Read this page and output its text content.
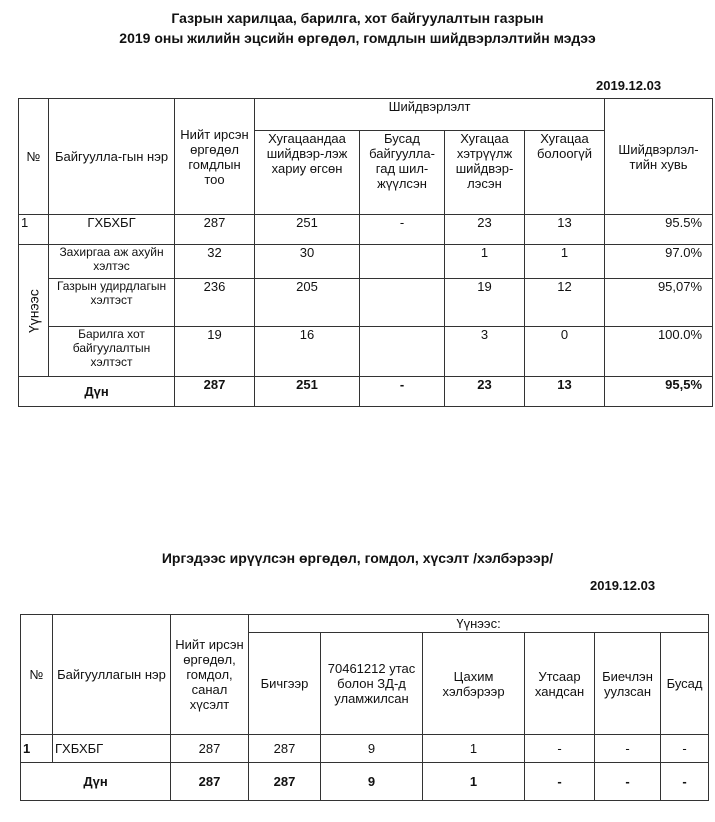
Газрын харилцаа, барилга, хот байгуулалтын газрын
2019 оны жилийн эцсийн өргөдөл, гомдлын шийдвэрлэлтийн мэдээ
2019.12.03
№	Байгуулла-гын нэр	Нийт ирсэн өргөдөл гомдлын тоо	Шийдвэрлэлт				Шийдвэрлэл-тийн хувь
			Хугацаандаа шийдвэр-лэж хариу өгсөн	Бусад байгуулла-гад шил-жүүлсэн	Хугацаа хэтрүүлж шийдвэр-лэсэн	Хугацаа болоогүй	
1	ГХБХБГ	287	251	-	23	13	95.5%
Үүнээс	Захиргаа аж ахуйн хэлтэс	32	30		1	1	97.0%
	Газрын удирдлагын хэлтэст	236	205		19	12	95,07%
	Барилга хот байгуулалтын хэлтэст	19	16		3	0	100.0%
Дүн		287	251	-	23	13	95,5%
Иргэдээс ирүүлсэн өргөдөл, гомдол, хүсэлт /хэлбэрээр/
2019.12.03
№	Байгууллагын нэр	Нийт ирсэн өргөдөл, гомдол, санал хүсэлт	Үүнээс:					
			Бичгээр	70461212 утас болон ЗД-д уламжилсан	Цахим хэлбэрээр	Утсаар хандсан	Биечлэн уулзсан	Бусад
1	ГХБХБГ	287	287	9	1	-	-	-
Дүн		287	287	9	1	-	-	-
